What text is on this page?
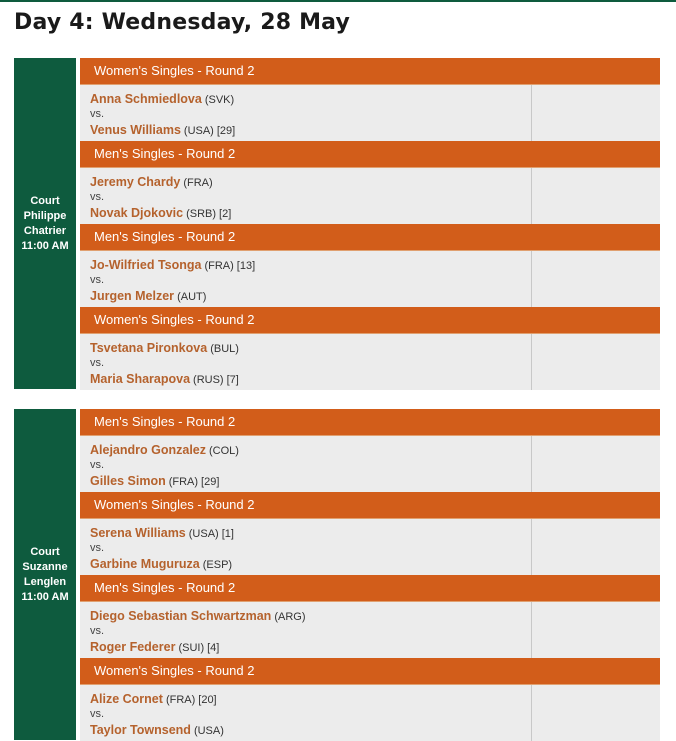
Day 4: Wednesday, 28 May
Court
Philippe
Chatrier
11:00 AM
Women's Singles - Round 2
Anna Schmiedlova (SVK)
vs.
Venus Williams (USA) [29]
Men's Singles - Round 2
Jeremy Chardy (FRA)
vs.
Novak Djokovic (SRB) [2]
Men's Singles - Round 2
Jo-Wilfried Tsonga (FRA) [13]
vs.
Jurgen Melzer (AUT)
Women's Singles - Round 2
Tsvetana Pironkova (BUL)
vs.
Maria Sharapova (RUS) [7]
Court
Suzanne
Lenglen
11:00 AM
Men's Singles - Round 2
Alejandro Gonzalez (COL)
vs.
Gilles Simon (FRA) [29]
Women's Singles - Round 2
Serena Williams (USA) [1]
vs.
Garbine Muguruza (ESP)
Men's Singles - Round 2
Diego Sebastian Schwartzman (ARG)
vs.
Roger Federer (SUI) [4]
Women's Singles - Round 2
Alize Cornet (FRA) [20]
vs.
Taylor Townsend (USA)
